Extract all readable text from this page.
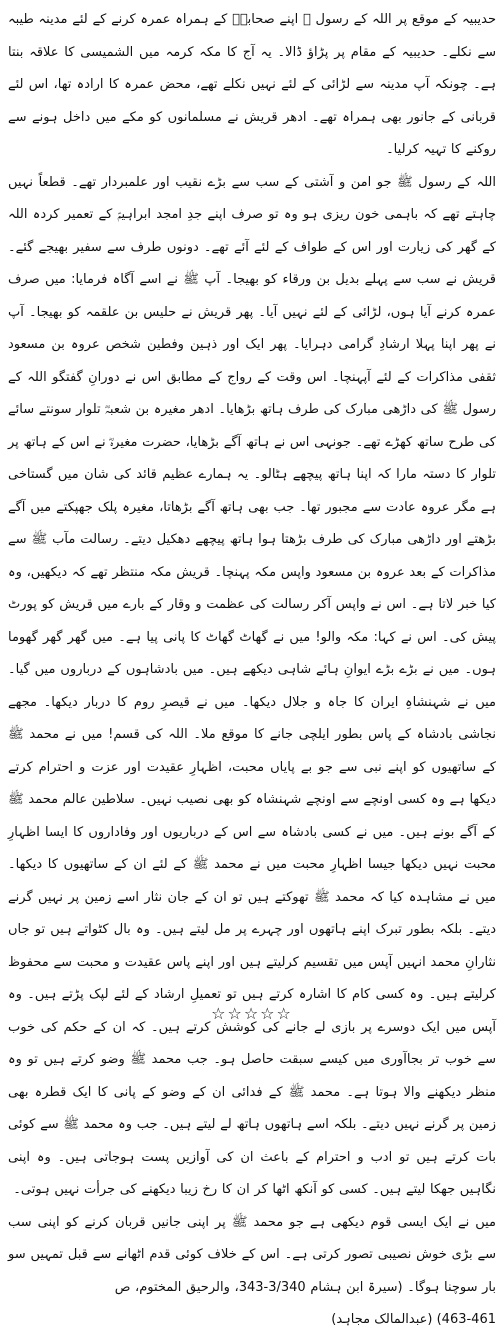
حدیبیہ کے موقع پر اللہ کے رسول ﷺ اپنے صحابہؓ کے ہمراہ عمرہ کرنے کے لئے مدینہ طیبہ سے نکلے۔ حدیبیہ کے مقام پر پڑاؤ ڈالا۔ یہ آج کا مکہ کرمہ میں الشمیسی کا علاقہ بنتا ہے۔ چونکہ آپ مدینہ سے لڑائی کے لئے نہیں نکلے تھے، محض عمرہ کا ارادہ تھا، اس لئے قربانی کے جانور بھی ہمراہ تھے۔ ادھر قریش نے مسلمانوں کو مکے میں داخل ہونے سے روکنے کا تہیہ کرلیا۔

اللہ کے رسول ﷺ جو امن و آشتی کے سب سے بڑے نقیب اور علمبردار تھے۔ قطعاً نہیں چاہتے تھے کہ باہمی خون ریزی ہو وہ تو صرف اپنے جدِ امجد ابراہیمؑ کے تعمیر کردہ اللہ کے گھر کی زیارت اور اس کے طواف کے لئے آئے تھے۔ دونوں طرف سے سفیر بھیجے گئے۔ قریش نے سب سے پہلے بدیل بن ورقاء کو بھیجا۔ آپ ﷺ نے اسے آگاہ فرمایا: میں صرف عمرہ کرنے آیا ہوں، لڑائی کے لئے نہیں آیا۔ پھر قریش نے حلیس بن علقمہ کو بھیجا۔ آپ نے پھر اپنا پہلا ارشادِ گرامی دہرایا۔ پھر ایک اور ذہین وفطین شخص عروہ بن مسعود ثقفی مذاکرات کے لئے آپہنچا۔ اس وقت کے رواج کے مطابق اس نے دورانِ گفتگو اللہ کے رسول ﷺ کی داڑھی مبارک کی طرف ہاتھ بڑھایا۔ ادھر مغیرہ بن شعبہؓ تلوار سونتے سائے کی طرح ساتھ کھڑے تھے۔ جونہی اس نے ہاتھ آگے بڑھایا، حضرت مغیرہؓ نے اس کے ہاتھ پر تلوار کا دستہ مارا کہ اپنا ہاتھ پیچھے ہٹالو۔ یہ ہمارے عظیم قائد کی شان میں گستاخی ہے مگر عروہ عادت سے مجبور تھا۔ جب بھی ہاتھ آگے بڑھاتا، مغیرہ پلک جھپکتے میں آگے بڑھتے اور داڑھی مبارک کی طرف بڑھتا ہوا ہاتھ پیچھے دھکیل دیتے۔ رسالت مآب ﷺ سے مذاکرات کے بعد عروہ بن مسعود واپس مکہ پہنچا۔ قریش مکہ منتظر تھے کہ دیکھیں، وہ کیا خبر لاتا ہے۔ اس نے واپس آکر رسالت کی عظمت و وقار کے بارے میں قریش کو پورٹ پیش کی۔ اس نے کہا: مکہ والو! میں نے گھاٹ گھاٹ کا پانی پیا ہے۔ میں گھر گھر گھوما ہوں۔ میں نے بڑے بڑے ایوانِ ہائے شاہی دیکھے ہیں۔ میں بادشاہوں کے درباروں میں گیا۔ میں نے شہنشاہِ ایران کا جاہ و جلال دیکھا۔ میں نے قیصرِ روم کا دربار دیکھا۔ مجھے نجاشی بادشاہ کے پاس بطور ایلچی جانے کا موقع ملا۔ اللہ کی قسم! میں نے محمد ﷺ کے ساتھیوں کو اپنے نبی سے جو بے پایاں محبت، اظہارِ عقیدت اور عزت و احترام کرتے دیکھا ہے وہ کسی اونچے سے اونچے شہنشاہ کو بھی نصیب نہیں۔ سلاطین عالم محمد ﷺ کے آگے بونے ہیں۔ میں نے کسی بادشاہ سے اس کے درباریوں اور وفاداروں کا ایسا اظہارِ محبت نہیں دیکھا جیسا اظہارِ محبت میں نے محمد ﷺ کے لئے ان کے ساتھیوں کا دیکھا۔ میں نے مشاہدہ کیا کہ محمد ﷺ تھوکتے ہیں تو ان کے جان نثار اسے زمین پر نہیں گرنے دیتے۔ بلکہ بطور تبرک اپنے ہاتھوں اور چہرے پر مل لیتے ہیں۔ وہ بال کٹواتے ہیں تو جاں نثارانِ محمد انہیں آپس میں تقسیم کرلیتے ہیں اور اپنے پاس عقیدت و محبت سے محفوظ کرلیتے ہیں۔ وہ کسی کام کا اشارہ کرتے ہیں تو تعمیلِ ارشاد کے لئے لپک پڑتے ہیں۔ وہ آپس میں ایک دوسرے پر بازی لے جانے کی کوشش کرتے ہیں۔ کہ ان کے حکم کی خوب سے خوب تر بجاآوری میں کیسے سبقت حاصل ہو۔ جب محمد ﷺ وضو کرتے ہیں تو وہ منظر دیکھنے والا ہوتا ہے۔ محمد ﷺ کے فدائی ان کے وضو کے پانی کا ایک قطرہ بھی زمین پر گرنے نہیں دیتے۔ بلکہ اسے ہاتھوں ہاتھ لے لیتے ہیں۔ جب وہ محمد ﷺ سے کوئی بات کرتے ہیں تو ادب و احترام کے باعث ان کی آوازیں پست ہوجاتی ہیں۔ وہ اپنی نگاہیں جھکا لیتے ہیں۔ کسی کو آنکھ اٹھا کر ان کا رخ زیبا دیکھنے کی جرأت نہیں ہوتی۔

میں نے ایک ایسی قوم دیکھی ہے جو محمد ﷺ پر اپنی جانیں قربان کرنے کو اپنی سب سے بڑی خوش نصیبی تصور کرتی ہے۔ اس کے خلاف کوئی قدم اٹھانے سے قبل تمہیں سو بار سوچنا ہوگا۔ (سیرۃ ابن ہشام 3/340-343، والرحیق المختوم، ص

463-461) (عبدالمالک مجاہد)

☆☆☆☆☆
